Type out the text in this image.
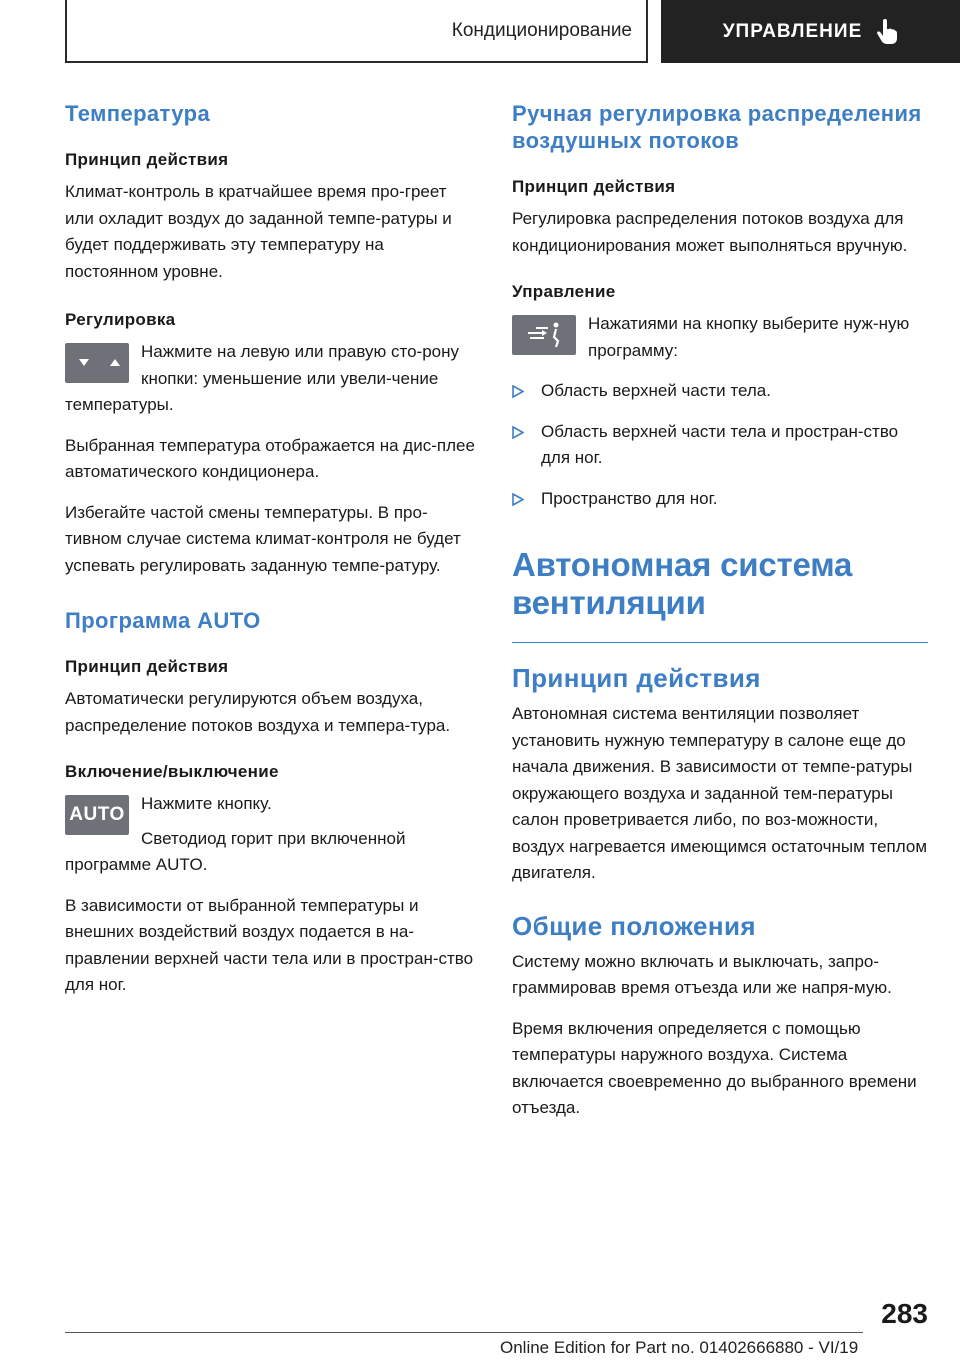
Кондиционирование	УПРАВЛЕНИЕ
Температура
Принцип действия
Климат-контроль в кратчайшее время про-греет или охладит воздух до заданной темпе-ратуры и будет поддерживать эту температуру на постоянном уровне.
Регулировка
Нажмите на левую или правую сто-рону кнопки: уменьшение или увели-чение температуры.
Выбранная температура отображается на дис-плее автоматического кондиционера.
Избегайте частой смены температуры. В про-тивном случае система климат-контроля не будет успевать регулировать заданную темпе-ратуру.
Программа AUTO
Принцип действия
Автоматически регулируются объем воздуха, распределение потоков воздуха и темпера-тура.
Включение/выключение
AUTO
Нажмите кнопку.
Светодиод горит при включенной программе AUTO.
В зависимости от выбранной температуры и внешних воздействий воздух подается в на-правлении верхней части тела или в простран-ство для ног.
Ручная регулировка распределения воздушных потоков
Принцип действия
Регулировка распределения потоков воздуха для кондиционирования может выполняться вручную.
Управление
Нажатиями на кнопку выберите нуж-ную программу:
Область верхней части тела.
Область верхней части тела и простран-ство для ног.
Пространство для ног.
Автономная система вентиляции
Принцип действия
Автономная система вентиляции позволяет установить нужную температуру в салоне еще до начала движения. В зависимости от темпе-ратуры окружающего воздуха и заданной тем-пературы салон проветривается либо, по воз-можности, воздух нагревается имеющимся остаточным теплом двигателя.
Общие положения
Систему можно включать и выключать, запро-граммировав время отъезда или же напря-мую.
Время включения определяется с помощью температуры наружного воздуха. Система включается своевременно до выбранного времени отъезда.
283
Online Edition for Part no. 01402666880 - VI/19
